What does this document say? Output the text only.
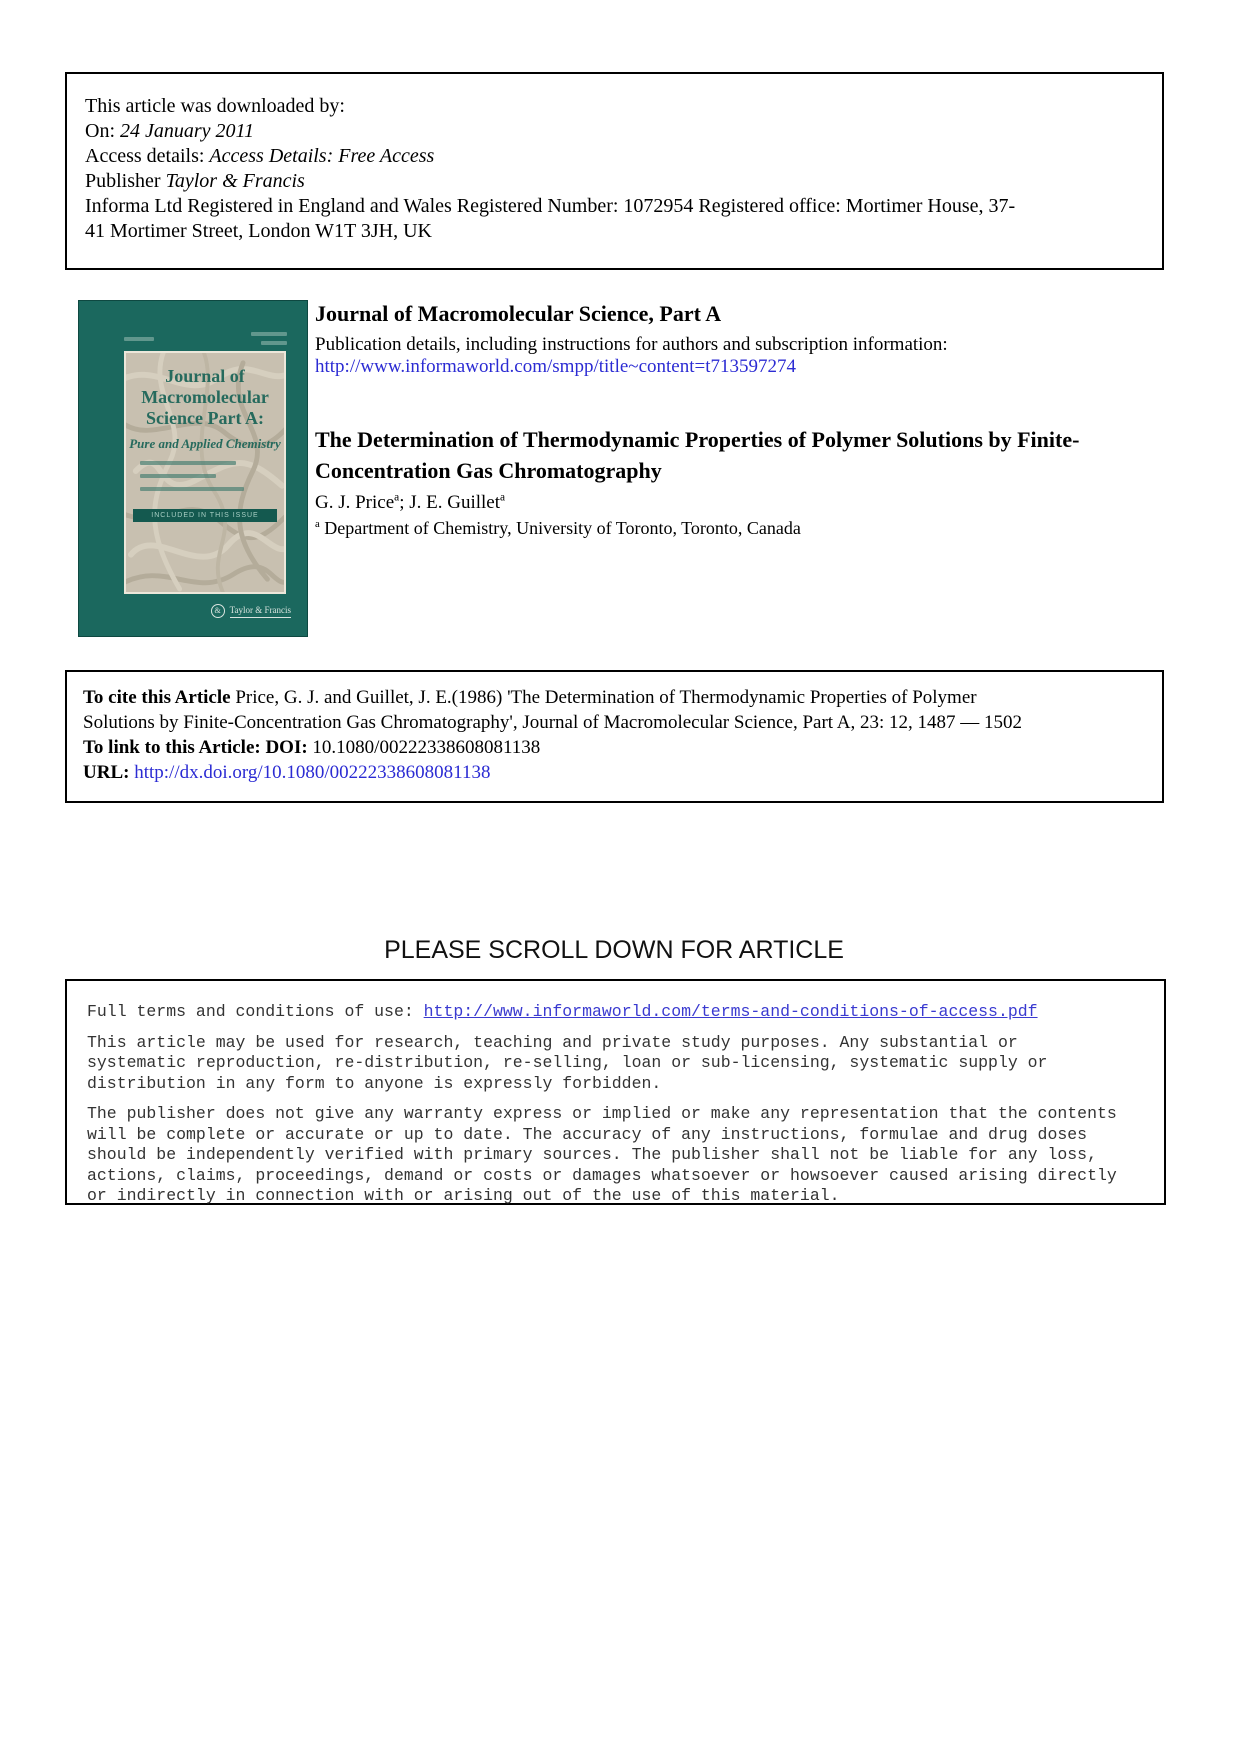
This article was downloaded by:
On: 24 January 2011
Access details: Access Details: Free Access
Publisher Taylor & Francis
Informa Ltd Registered in England and Wales Registered Number: 1072954 Registered office: Mortimer House, 37-
41 Mortimer Street, London W1T 3JH, UK
Journal of
Macromolecular
Science Part A:
Pure and Applied Chemistry
INCLUDED IN THIS ISSUE
& Taylor & Francis
Journal of Macromolecular Science, Part A
Publication details, including instructions for authors and subscription information:
http://www.informaworld.com/smpp/title~content=t713597274
The Determination of Thermodynamic Properties of Polymer Solutions by Finite-Concentration Gas Chromatography
G. J. Price$^a$; J. E. Guillet$^a$
$^a$ Department of Chemistry, University of Toronto, Toronto, Canada
To cite this Article Price, G. J. and Guillet, J. E.(1986) 'The Determination of Thermodynamic Properties of Polymer
Solutions by Finite-Concentration Gas Chromatography', Journal of Macromolecular Science, Part A, 23: 12, 1487 — 1502
To link to this Article: DOI: 10.1080/00222338608081138
URL: http://dx.doi.org/10.1080/00222338608081138
PLEASE SCROLL DOWN FOR ARTICLE
Full terms and conditions of use: http://www.informaworld.com/terms-and-conditions-of-access.pdf
This article may be used for research, teaching and private study purposes. Any substantial or
systematic reproduction, re-distribution, re-selling, loan or sub-licensing, systematic supply or
distribution in any form to anyone is expressly forbidden.
The publisher does not give any warranty express or implied or make any representation that the contents
will be complete or accurate or up to date. The accuracy of any instructions, formulae and drug doses
should be independently verified with primary sources. The publisher shall not be liable for any loss,
actions, claims, proceedings, demand or costs or damages whatsoever or howsoever caused arising directly
or indirectly in connection with or arising out of the use of this material.
